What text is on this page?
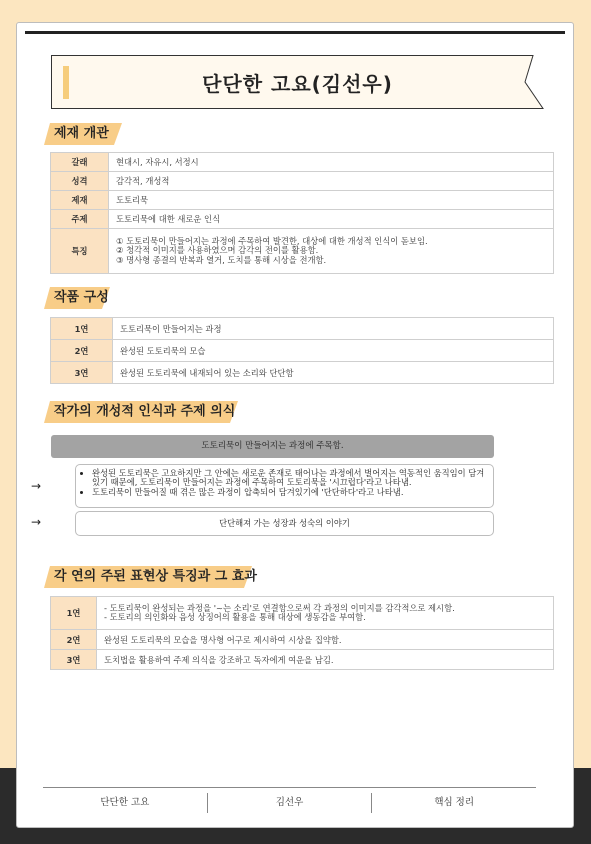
단단한 고요(김선우)
제재 개관
갈래	현대시, 자유시, 서정시
성격	감각적, 개성적
제재	도토리묵
주제	도토리묵에 대한 새로운 인식
특징	① 도토리묵이 만들어지는 과정에 주목하여 발견한, 대상에 대한 개성적 인식이 돋보임.
② 청각적 이미지를 사용하였으며 감각의 전이를 활용함.
③ 명사형 종결의 반복과 열거, 도치를 통해 시상을 전개함.
작품 구성
1연	도토리묵이 만들어지는 과정
2연	완성된 도토리묵의 모습
3연	완성된 도토리묵에 내재되어 있는 소리와 단단함
작가의 개성적 인식과 주제 의식
도토리묵이 만들어지는 과정에 주목함.
→
• 완성된 도토리묵은 고요하지만 그 안에는 새로운 존재로 태어나는 과정에서 벌어지는 역동적인 움직임이 담겨 있기 때문에, 도토리묵이 만들어지는 과정에 주목하여 도토리묵을 '시끄럽다'라고 나타냄.
• 도토리묵이 만들어질 때 겪은 많은 과정이 압축되어 담겨있기에 '단단하다'라고 나타냄.
→	단단해져 가는 성장과 성숙의 이야기
각 연의 주된 표현상 특징과 그 효과
1연	- 도토리묵이 완성되는 과정을 '~는 소리'로 연결함으로써 각 과정의 이미지를 감각적으로 제시함.
- 도토리의 의인화와 음성 상징어의 활용을 통해 대상에 생동감을 부여함.

2연	완성된 도토리묵의 모습을 명사형 어구로 제시하여 시상을 집약함.
3연	도치법을 활용하여 주제 의식을 강조하고 독자에게 여운을 남김.
단단한 고요	김선우	핵심 정리
